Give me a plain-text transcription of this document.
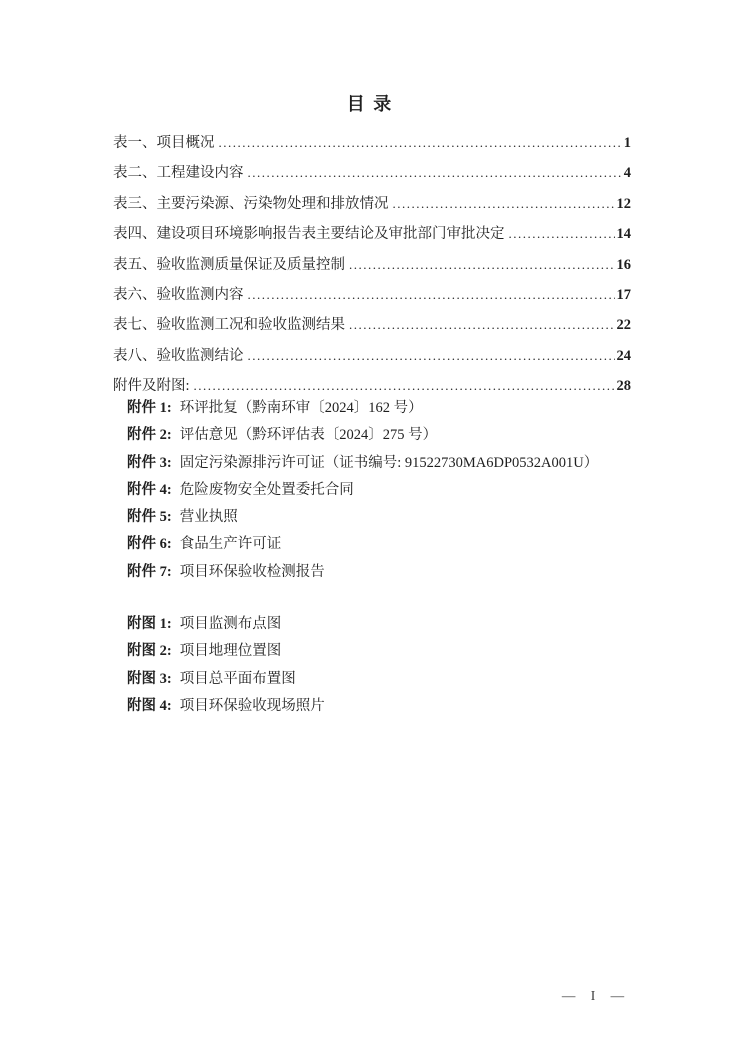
目 录
表一、项目概况 .....	1
表二、工程建设内容 .....	4
表三、主要污染源、污染物处理和排放情况 .....	12
表四、建设项目环境影响报告表主要结论及审批部门审批决定 .....	14
表五、验收监测质量保证及质量控制 .....	16
表六、验收监测内容 .....	17
表七、验收监测工况和验收监测结果 .....	22
表八、验收监测结论 .....	24
附件及附图: .....	28
附件 1: 环评批复（黔南环审〔2024〕162 号）
附件 2: 评估意见（黔环评估表〔2024〕275 号）
附件 3: 固定污染源排污许可证（证书编号: 91522730MA6DP0532A001U）
附件 4: 危险废物安全处置委托合同
附件 5: 营业执照
附件 6: 食品生产许可证
附件 7: 项目环保验收检测报告
附图 1: 项目监测布点图
附图 2: 项目地理位置图
附图 3: 项目总平面布置图
附图 4: 项目环保验收现场照片
— I —
